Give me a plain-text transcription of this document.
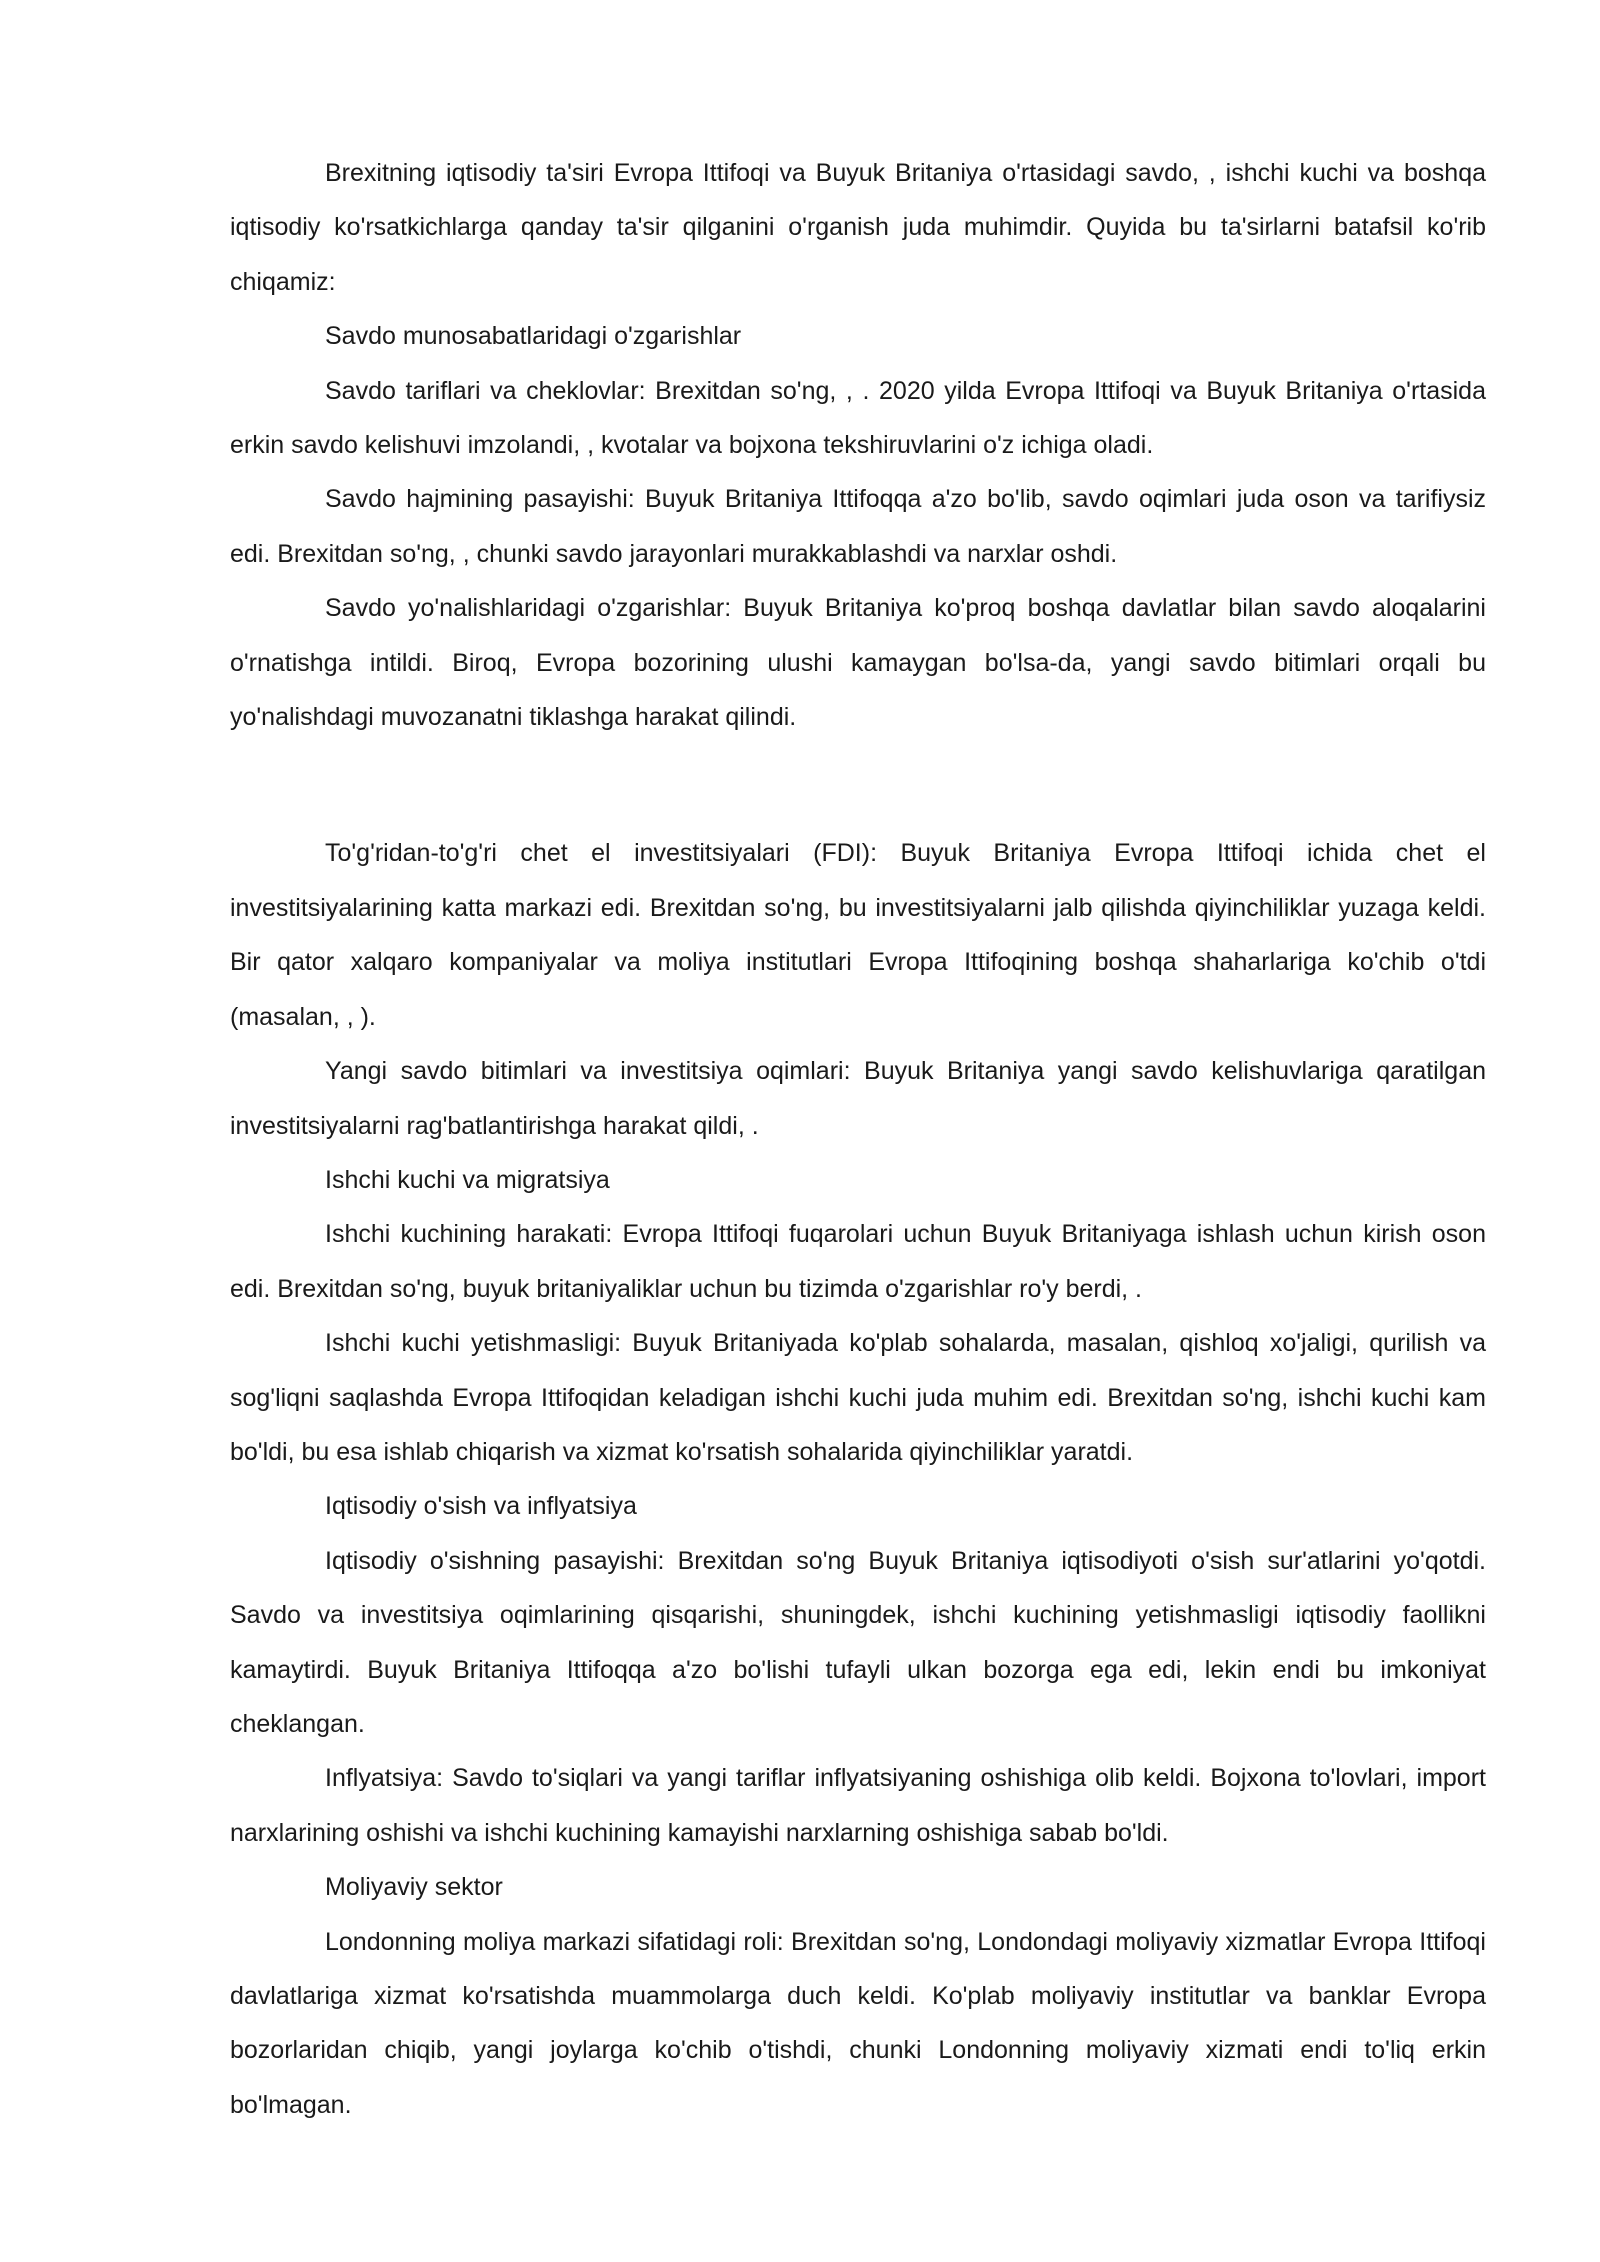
Brexitning iqtisodiy ta'siri Evropa Ittifoqi va Buyuk Britaniya o'rtasidagi savdo, , ishchi kuchi va boshqa iqtisodiy ko'rsatkichlarga qanday ta'sir qilganini o'rganish juda muhimdir. Quyida bu ta'sirlarni batafsil ko'rib chiqamiz:

Savdo munosabatlaridagi o'zgarishlar

Savdo tariflari va cheklovlar: Brexitdan so'ng, , . 2020 yilda Evropa Ittifoqi va Buyuk Britaniya o'rtasida erkin savdo kelishuvi imzolandi, , kvotalar va bojxona tekshiruvlarini o'z ichiga oladi.

Savdo hajmining pasayishi: Buyuk Britaniya Ittifoqqa a'zo bo'lib, savdo oqimlari juda oson va tarifiysiz edi. Brexitdan so'ng, , chunki savdo jarayonlari murakkablashdi va narxlar oshdi.

Savdo yo'nalishlaridagi o'zgarishlar: Buyuk Britaniya ko'proq boshqa davlatlar bilan savdo aloqalarini o'rnatishga intildi. Biroq, Evropa bozorining ulushi kamaygan bo'lsa-da, yangi savdo bitimlari orqali bu yo'nalishdagi muvozanatni tiklashga harakat qilindi.

To'g'ridan-to'g'ri chet el investitsiyalari (FDI): Buyuk Britaniya Evropa Ittifoqi ichida chet el investitsiyalarining katta markazi edi. Brexitdan so'ng, bu investitsiyalarni jalb qilishda qiyinchiliklar yuzaga keldi. Bir qator xalqaro kompaniyalar va moliya institutlari Evropa Ittifoqining boshqa shaharlariga ko'chib o'tdi (masalan, , ).

Yangi savdo bitimlari va investitsiya oqimlari: Buyuk Britaniya yangi savdo kelishuvlariga qaratilgan investitsiyalarni rag'batlantirishga harakat qildi, .

Ishchi kuchi va migratsiya

Ishchi kuchining harakati: Evropa Ittifoqi fuqarolari uchun Buyuk Britaniyaga ishlash uchun kirish oson edi. Brexitdan so'ng, buyuk britaniyaliklar uchun bu tizimda o'zgarishlar ro'y berdi, .

Ishchi kuchi yetishmasligi: Buyuk Britaniyada ko'plab sohalarda, masalan, qishloq xo'jaligi, qurilish va sog'liqni saqlashda Evropa Ittifoqidan keladigan ishchi kuchi juda muhim edi. Brexitdan so'ng, ishchi kuchi kam bo'ldi, bu esa ishlab chiqarish va xizmat ko'rsatish sohalarida qiyinchiliklar yaratdi.

Iqtisodiy o'sish va inflyatsiya

Iqtisodiy o'sishning pasayishi: Brexitdan so'ng Buyuk Britaniya iqtisodiyoti o'sish sur'atlarini yo'qotdi. Savdo va investitsiya oqimlarining qisqarishi, shuningdek, ishchi kuchining yetishmasligi iqtisodiy faollikni kamaytirdi. Buyuk Britaniya Ittifoqqa a'zo bo'lishi tufayli ulkan bozorga ega edi, lekin endi bu imkoniyat cheklangan.

Inflyatsiya: Savdo to'siqlari va yangi tariflar inflyatsiyaning oshishiga olib keldi. Bojxona to'lovlari, import narxlarining oshishi va ishchi kuchining kamayishi narxlarning oshishiga sabab bo'ldi.

Moliyaviy sektor

Londonning moliya markazi sifatidagi roli: Brexitdan so'ng, Londondagi moliyaviy xizmatlar Evropa Ittifoqi davlatlariga xizmat ko'rsatishda muammolarga duch keldi. Ko'plab moliyaviy institutlar va banklar Evropa bozorlaridan chiqib, yangi joylarga ko'chib o'tishdi, chunki Londonning moliyaviy xizmati endi to'liq erkin bo'lmagan.
